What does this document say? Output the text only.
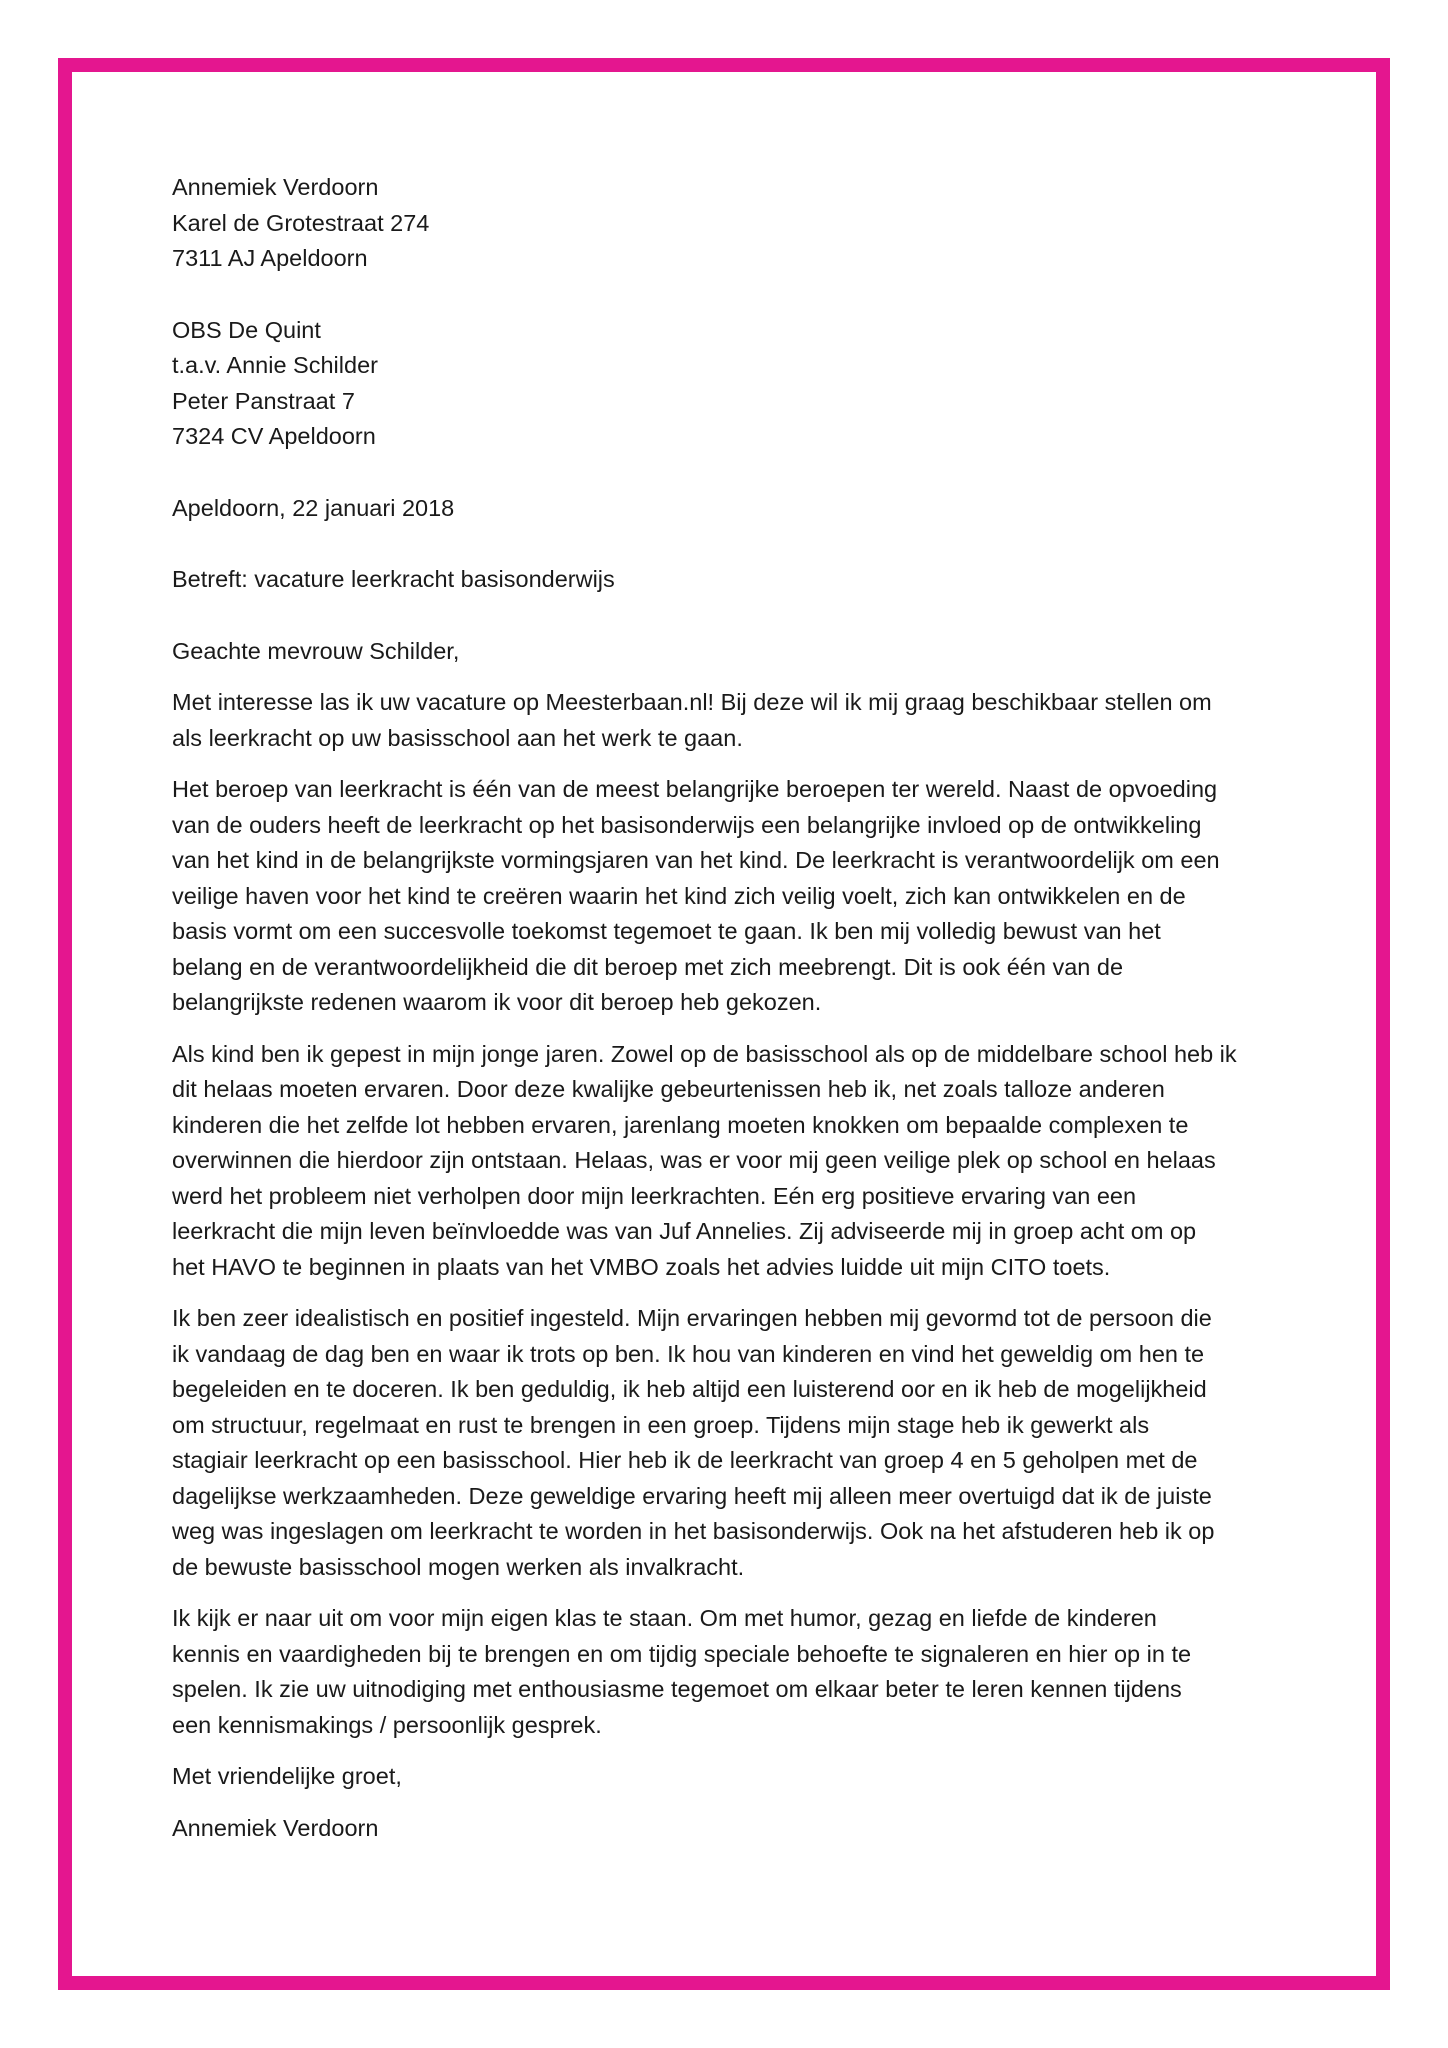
Annemiek Verdoorn
Karel de Grotestraat 274
7311 AJ Apeldoorn
OBS De Quint
t.a.v. Annie Schilder
Peter Panstraat 7
7324 CV Apeldoorn
Apeldoorn, 22 januari 2018
Betreft: vacature leerkracht basisonderwijs
Geachte mevrouw Schilder,
Met interesse las ik uw vacature op Meesterbaan.nl! Bij deze wil ik mij graag beschikbaar stellen om
als leerkracht op uw basisschool aan het werk te gaan.
Het beroep van leerkracht is één van de meest belangrijke beroepen ter wereld. Naast de opvoeding
van de ouders heeft de leerkracht op het basisonderwijs een belangrijke invloed op de ontwikkeling
van het kind in de belangrijkste vormingsjaren van het kind. De leerkracht is verantwoordelijk om een
veilige haven voor het kind te creëren waarin het kind zich veilig voelt, zich kan ontwikkelen en de
basis vormt om een succesvolle toekomst tegemoet te gaan. Ik ben mij volledig bewust van het
belang en de verantwoordelijkheid die dit beroep met zich meebrengt. Dit is ook één van de
belangrijkste redenen waarom ik voor dit beroep heb gekozen.
Als kind ben ik gepest in mijn jonge jaren. Zowel op de basisschool als op de middelbare school heb ik
dit helaas moeten ervaren. Door deze kwalijke gebeurtenissen heb ik, net zoals talloze anderen
kinderen die het zelfde lot hebben ervaren, jarenlang moeten knokken om bepaalde complexen te
overwinnen die hierdoor zijn ontstaan. Helaas, was er voor mij geen veilige plek op school en helaas
werd het probleem niet verholpen door mijn leerkrachten. Eén erg positieve ervaring van een
leerkracht die mijn leven beïnvloedde was van Juf Annelies. Zij adviseerde mij in groep acht om op
het HAVO te beginnen in plaats van het VMBO zoals het advies luidde uit mijn CITO toets.
Ik ben zeer idealistisch en positief ingesteld. Mijn ervaringen hebben mij gevormd tot de persoon die
ik vandaag de dag ben en waar ik trots op ben. Ik hou van kinderen en vind het geweldig om hen te
begeleiden en te doceren. Ik ben geduldig, ik heb altijd een luisterend oor en ik heb de mogelijkheid
om structuur, regelmaat en rust te brengen in een groep. Tijdens mijn stage heb ik gewerkt als
stagiair leerkracht op een basisschool. Hier heb ik de leerkracht van groep 4 en 5 geholpen met de
dagelijkse werkzaamheden. Deze geweldige ervaring heeft mij alleen meer overtuigd dat ik de juiste
weg was ingeslagen om leerkracht te worden in het basisonderwijs. Ook na het afstuderen heb ik op
de bewuste basisschool mogen werken als invalkracht.
Ik kijk er naar uit om voor mijn eigen klas te staan. Om met humor, gezag en liefde de kinderen
kennis en vaardigheden bij te brengen en om tijdig speciale behoefte te signaleren en hier op in te
spelen. Ik zie uw uitnodiging met enthousiasme tegemoet om elkaar beter te leren kennen tijdens
een kennismakings / persoonlijk gesprek.
Met vriendelijke groet,
Annemiek Verdoorn
